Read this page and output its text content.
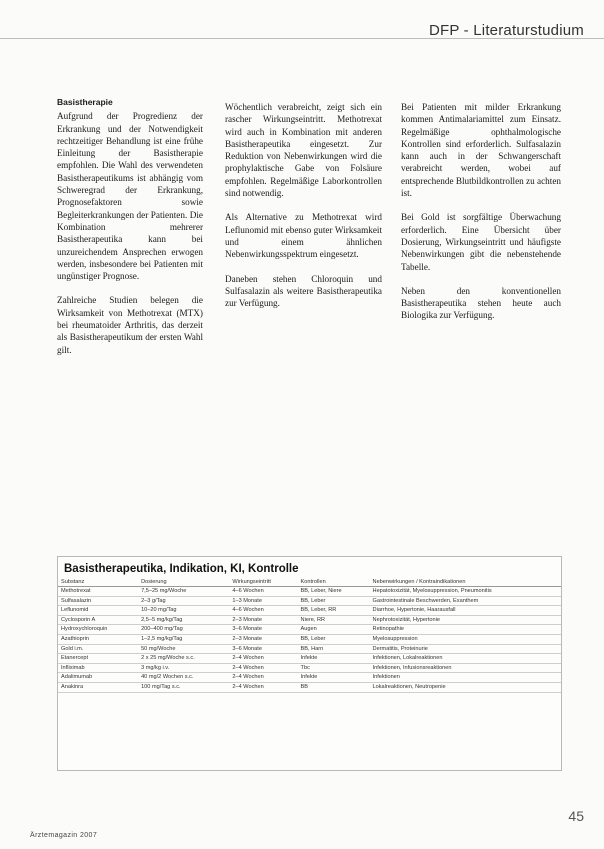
DFP - Literaturstudium
Basistherapie

Aufgrund der Progredienz der Erkrankung und der Notwendigkeit rechtzeitiger Behandlung ist eine frühe Einleitung der Basistherapie empfohlen. Die Wahl des verwendeten Basistherapeutikums ist abhängig vom Schweregrad der Erkrankung, Prognosefaktoren sowie Begleiterkrankungen der Patienten. Die Kombination mehrerer Basistherapeutika kann bei unzureichendem Ansprechen erwogen werden, insbesondere bei Patienten mit ungünstiger Prognose.

Zahlreiche Studien belegen die Wirksamkeit von Methotrexat (MTX) bei rheumatoider Arthritis, das derzeit als Basistherapeutikum der ersten Wahl gilt.

Wöchentlich verabreicht, zeigt sich ein rascher Wirkungseintritt. Methotrexat wird auch in Kombination mit anderen Basistherapeutika eingesetzt. Zur Reduktion von Nebenwirkungen wird die prophylaktische Gabe von Folsäure empfohlen. Regelmäßige Laborkontrollen sind notwendig.

Als Alternative zu Methotrexat wird Leflunomid mit ebenso guter Wirksamkeit und einem ähnlichen Nebenwirkungsspektrum eingesetzt.

Daneben stehen Chloroquin und Sulfasalazin als weitere Basistherapeutika zur Verfügung.

Bei Patienten mit milder Erkrankung kommen Antimalariamittel zum Einsatz. Regelmäßige ophthalmologische Kontrollen sind erforderlich. Sulfasalazin kann auch in der Schwangerschaft verabreicht werden, wobei auf entsprechende Blutbildkontrollen zu achten ist.

Bei Gold ist sorgfältige Überwachung erforderlich. Eine Übersicht über Dosierung, Wirkungseintritt und häufigste Nebenwirkungen gibt die nebenstehende Tabelle.

Neben den konventionellen Basistherapeutika stehen heute auch Biologika zur Verfügung.

Basistherapeutika, Indikation, KI, Kontrolle
Substanz	Dosierung	Wirkungseintritt	Kontrollen	Nebenwirkungen / Kontraindikationen
Methotrexat	7,5–25 mg/Woche	4–6 Wochen	BB, Leber, Niere	Hepatotoxizität, Myelosuppression, Pneumonitis
Sulfasalazin	2–3 g/Tag	1–3 Monate	BB, Leber	Gastrointestinale Beschwerden, Exanthem
Leflunomid	10–20 mg/Tag	4–6 Wochen	BB, Leber, RR	Diarrhoe, Hypertonie, Haarausfall
Cyclosporin A	2,5–5 mg/kg/Tag	2–3 Monate	Niere, RR	Nephrotoxizität, Hypertonie
Hydroxychloroquin	200–400 mg/Tag	3–6 Monate	Augen	Retinopathie
Azathioprin	1–2,5 mg/kg/Tag	2–3 Monate	BB, Leber	Myelosuppression
Gold i.m.	50 mg/Woche	3–6 Monate	BB, Harn	Dermatitis, Proteinurie
Etanercept	2 x 25 mg/Woche s.c.	2–4 Wochen	Infekte	Infektionen, Lokalreaktionen
Infliximab	3 mg/kg i.v.	2–4 Wochen	Tbc	Infektionen, Infusionsreaktionen
Adalimumab	40 mg/2 Wochen s.c.	2–4 Wochen	Infekte	Infektionen
Anakinra	100 mg/Tag s.c.	2–4 Wochen	BB	Lokalreaktionen, Neutropenie
45
Ärztemagazin 2007
